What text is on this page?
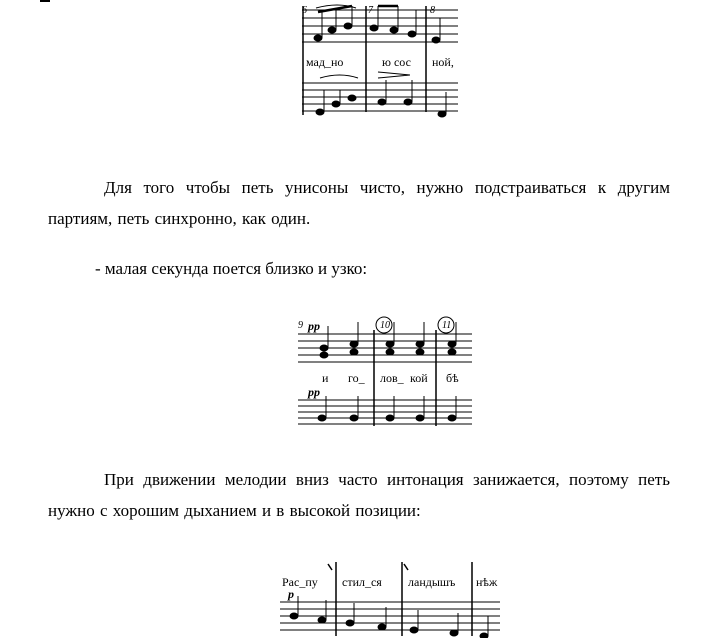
6	7	8
мад_но	ю сос ной,

Для того чтобы петь унисоны чисто, нужно подстраиваться к другим партиям, петь синхронно, как один.

- малая секунда поется близко и узко:

9	10	11
pp
pp
и го_ лов_ кой бѣ

При движении мелодии вниз часто интонация занижается, поэтому петь нужно с хорошим дыханием и в высокой позиции:

p
Рас_пу стил_ся ландышъ нѣж
